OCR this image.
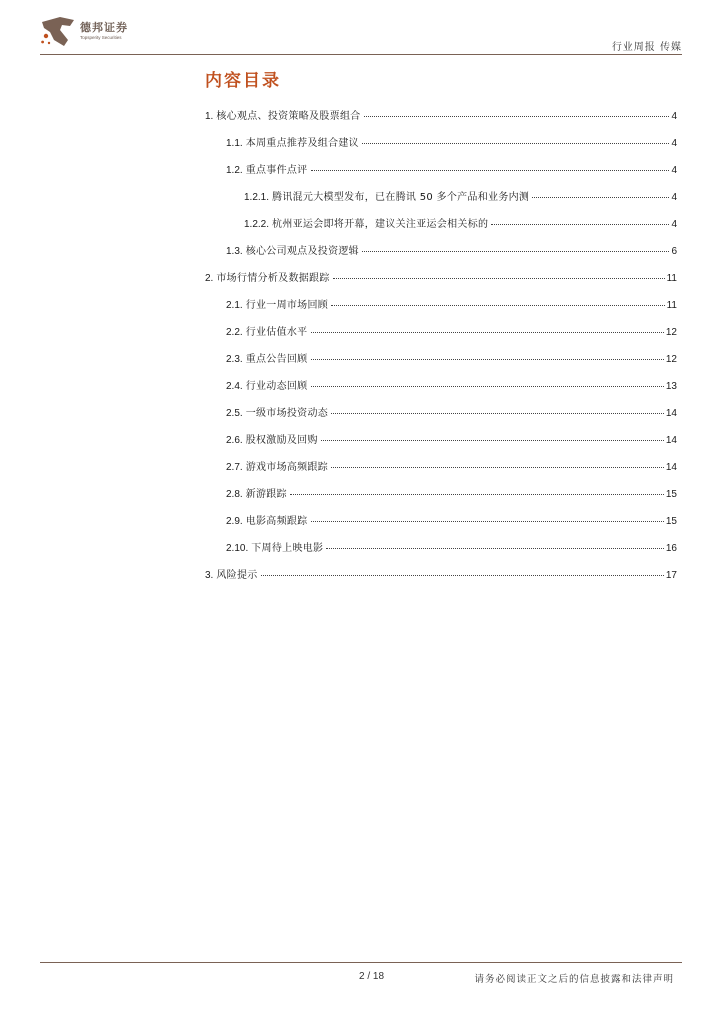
德邦证券
Topsperity Securities
行业周报 传媒
内容目录
1. 核心观点、投资策略及股票组合	4
1.1. 本周重点推荐及组合建议	4
1.2. 重点事件点评	4
1.2.1. 腾讯混元大模型发布，已在腾讯 50 多个产品和业务内测	4
1.2.2. 杭州亚运会即将开幕，建议关注亚运会相关标的	4
1.3. 核心公司观点及投资逻辑	6
2. 市场行情分析及数据跟踪	11
2.1. 行业一周市场回顾	11
2.2. 行业估值水平	12
2.3. 重点公告回顾	12
2.4. 行业动态回顾	13
2.5. 一级市场投资动态	14
2.6. 股权激励及回购	14
2.7. 游戏市场高频跟踪	14
2.8. 新游跟踪	15
2.9. 电影高频跟踪	15
2.10. 下周待上映电影	16
3. 风险提示	17
2 / 18	请务必阅读正文之后的信息披露和法律声明
